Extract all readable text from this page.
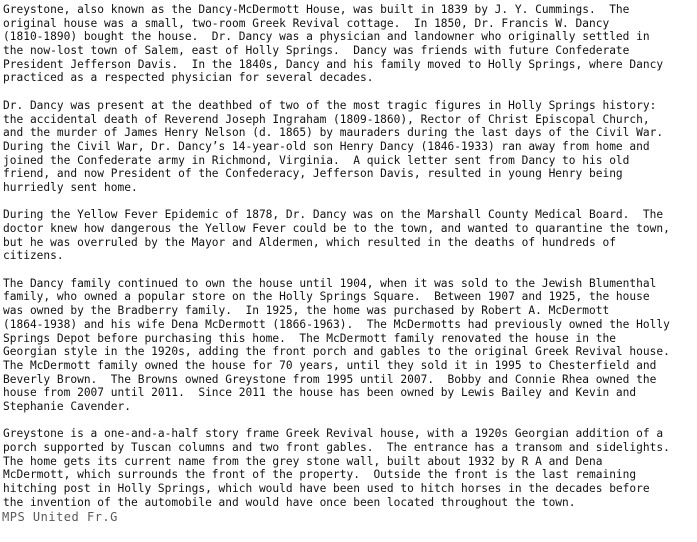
Greystone, also known as the Dancy-McDermott House, was built in 1839 by J. Y. Cummings.  The
original house was a small, two-room Greek Revival cottage.  In 1850, Dr. Francis W. Dancy
(1810-1890) bought the house.  Dr. Dancy was a physician and landowner who originally settled in
the now-lost town of Salem, east of Holly Springs.  Dancy was friends with future Confederate
President Jefferson Davis.  In the 1840s, Dancy and his family moved to Holly Springs, where Dancy
practiced as a respected physician for several decades.
Dr. Dancy was present at the deathbed of two of the most tragic figures in Holly Springs history:
the accidental death of Reverend Joseph Ingraham (1809-1860), Rector of Christ Episcopal Church,
and the murder of James Henry Nelson (d. 1865) by mauraders during the last days of the Civil War.
During the Civil War, Dr. Dancy’s 14-year-old son Henry Dancy (1846-1933) ran away from home and
joined the Confederate army in Richmond, Virginia.  A quick letter sent from Dancy to his old
friend, and now President of the Confederacy, Jefferson Davis, resulted in young Henry being
hurriedly sent home.
During the Yellow Fever Epidemic of 1878, Dr. Dancy was on the Marshall County Medical Board.  The
doctor knew how dangerous the Yellow Fever could be to the town, and wanted to quarantine the town,
but he was overruled by the Mayor and Aldermen, which resulted in the deaths of hundreds of
citizens.
The Dancy family continued to own the house until 1904, when it was sold to the Jewish Blumenthal
family, who owned a popular store on the Holly Springs Square.  Between 1907 and 1925, the house
was owned by the Bradberry family.  In 1925, the home was purchased by Robert A. McDermott
(1864-1938) and his wife Dena McDermott (1866-1963).  The McDermotts had previously owned the Holly
Springs Depot before purchasing this home.  The McDermott family renovated the house in the
Georgian style in the 1920s, adding the front porch and gables to the original Greek Revival house.
The McDermott family owned the house for 70 years, until they sold it in 1995 to Chesterfield and
Beverly Brown.  The Browns owned Greystone from 1995 until 2007.  Bobby and Connie Rhea owned the
house from 2007 until 2011.  Since 2011 the house has been owned by Lewis Bailey and Kevin and
Stephanie Cavender.
Greystone is a one-and-a-half story frame Greek Revival house, with a 1920s Georgian addition of a
porch supported by Tuscan columns and two front gables.  The entrance has a transom and sidelights.
The home gets its current name from the grey stone wall, built about 1932 by R A and Dena
McDermott, which surrounds the front of the property.  Outside the front is the last remaining
hitching post in Holly Springs, which would have been used to hitch horses in the decades before
the invention of the automobile and would have once been located throughout the town.
MPS United Fr.G
